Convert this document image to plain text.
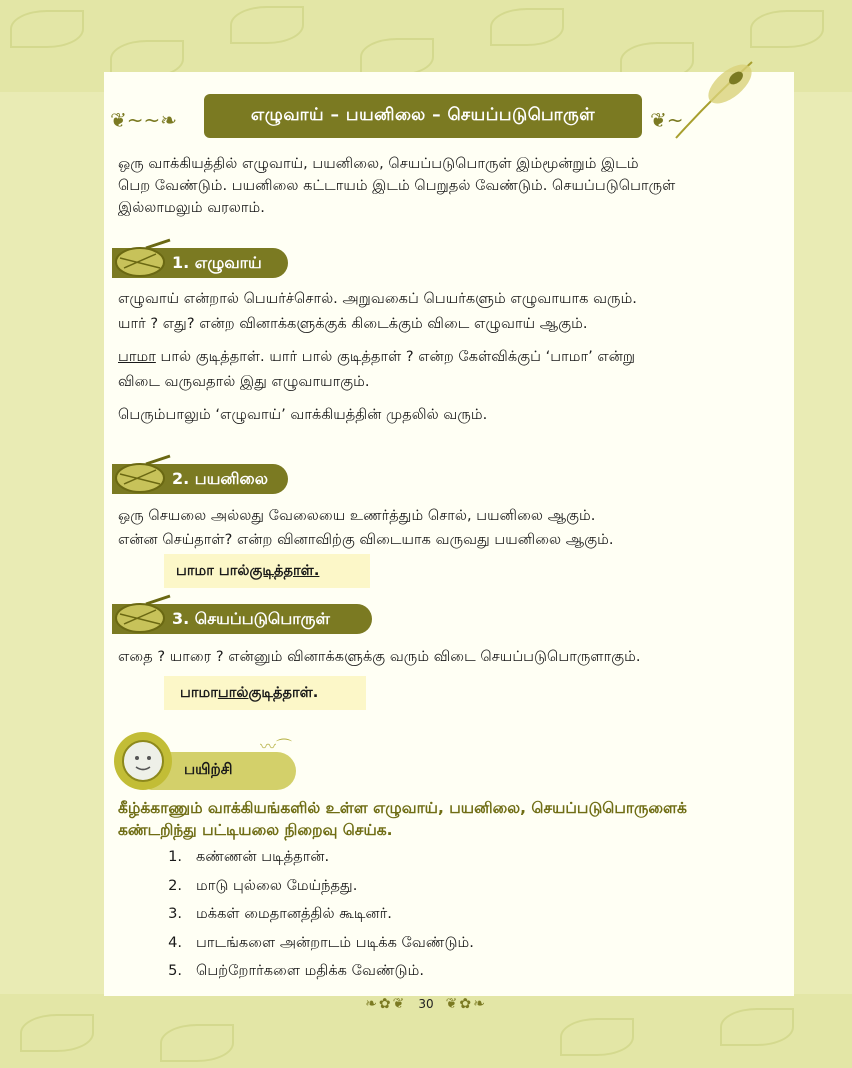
❦~~❧	எழுவாய் – பயனிலை – செயப்படுபொருள்	❦~
ஒரு வாக்கியத்தில் எழுவாய், பயனிலை, செயப்படுபொருள் இம்மூன்றும் இடம்
பெற வேண்டும். பயனிலை கட்டாயம் இடம் பெறுதல் வேண்டும். செயப்படுபொருள்
இல்லாமலும் வரலாம்.
1. எழுவாய்
எழுவாய் என்றால் பெயர்ச்சொல். அறுவகைப் பெயர்களும் எழுவாயாக வரும்.
யார் ? எது? என்ற வினாக்களுக்குக் கிடைக்கும் விடை எழுவாய் ஆகும்.
பாமா பால் குடித்தாள். யார் பால் குடித்தாள் ? என்ற கேள்விக்குப் ‘பாமா’ என்று
விடை வருவதால் இது எழுவாயாகும்.
பெரும்பாலும் ‘எழுவாய்’ வாக்கியத்தின் முதலில் வரும்.
2. பயனிலை
ஒரு செயலை அல்லது வேலையை உணர்த்தும் சொல், பயனிலை ஆகும்.
என்ன செய்தாள்? என்ற வினாவிற்கு விடையாக வருவது பயனிலை ஆகும்.
பாமா பால் குடித்தாள்.
3. செயப்படுபொருள்
எதை ? யாரை ? என்னும் வினாக்களுக்கு வரும் விடை செயப்படுபொருளாகும்.
பாமா பால் குடித்தாள்.
〰︎⌒
பயிற்சி
கீழ்க்காணும் வாக்கியங்களில் உள்ள எழுவாய், பயனிலை, செயப்படுபொருளைக்
கண்டறிந்து பட்டியலை நிறைவு செய்க.
1. கண்ணன் படித்தான்.
2. மாடு புல்லை மேய்ந்தது.
3. மக்கள் மைதானத்தில் கூடினர்.
4. பாடங்களை அன்றாடம் படிக்க வேண்டும்.
5. பெற்றோர்களை மதிக்க வேண்டும்.
❧✿❦ 30 ❦✿❧
